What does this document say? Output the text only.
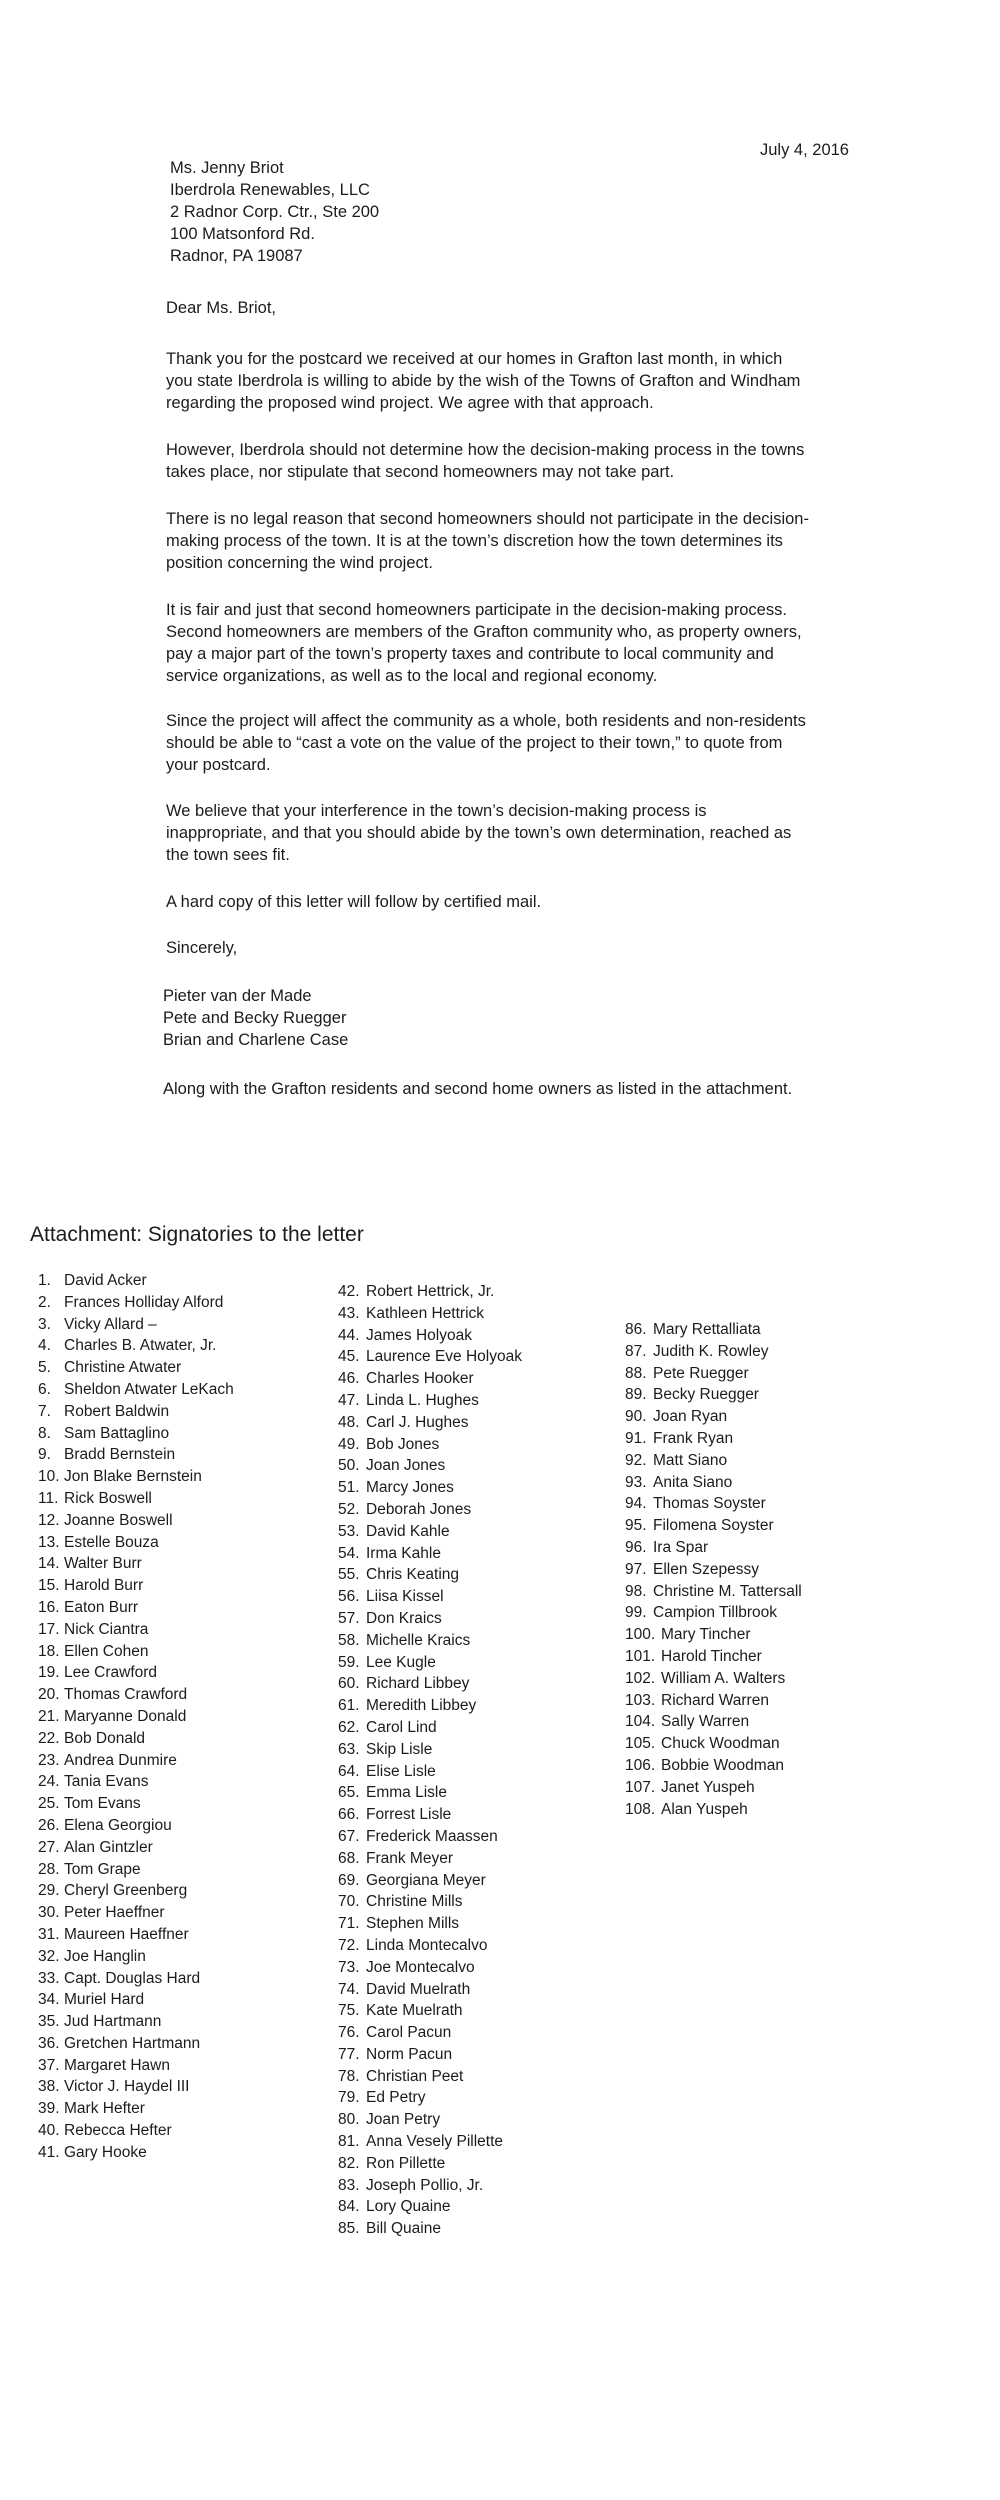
July 4, 2016
Ms. Jenny Briot
Iberdrola Renewables, LLC
2 Radnor Corp. Ctr., Ste 200
100 Matsonford Rd.
Radnor, PA 19087
Dear Ms. Briot,

Thank you for the postcard we received at our homes in Grafton last month, in which
you state Iberdrola is willing to abide by the wish of the Towns of Grafton and Windham
regarding the proposed wind project. We agree with that approach.

However, Iberdrola should not determine how the decision-making process in the towns
takes place, nor stipulate that second homeowners may not take part.

There is no legal reason that second homeowners should not participate in the decision-
making process of the town. It is at the town’s discretion how the town determines its
position concerning the wind project.

It is fair and just that second homeowners participate in the decision-making process.
Second homeowners are members of the Grafton community who, as property owners,
pay a major part of the town’s property taxes and contribute to local community and
service organizations, as well as to the local and regional economy.

Since the project will affect the community as a whole, both residents and non-residents
should be able to “cast a vote on the value of the project to their town,” to quote from
your postcard.

We believe that your interference in the town’s decision-making process is
inappropriate, and that you should abide by the town’s own determination, reached as
the town sees fit.

A hard copy of this letter will follow by certified mail.

Sincerely,

Pieter van der Made
Pete and Becky Ruegger
Brian and Charlene Case
Along with the Grafton residents and second home owners as listed in the attachment.
Attachment: Signatories to the letter
1. David Acker
2. Frances Holliday Alford
3. Vicky Allard –
4. Charles B. Atwater, Jr.
5. Christine Atwater
6. Sheldon Atwater LeKach
7. Robert Baldwin
8. Sam Battaglino
9. Bradd Bernstein
10. Jon Blake Bernstein
11. Rick Boswell
12. Joanne Boswell
13. Estelle Bouza
14. Walter Burr
15. Harold Burr
16. Eaton Burr
17. Nick Ciantra
18. Ellen Cohen
19. Lee Crawford
20. Thomas Crawford
21. Maryanne Donald
22. Bob Donald
23. Andrea Dunmire
24. Tania Evans
25. Tom Evans
26. Elena Georgiou
27. Alan Gintzler
28. Tom Grape
29. Cheryl Greenberg
30. Peter Haeffner
31. Maureen Haeffner
32. Joe Hanglin
33. Capt. Douglas Hard
34. Muriel Hard
35. Jud Hartmann
36. Gretchen Hartmann
37. Margaret Hawn
38. Victor J. Haydel III
39. Mark Hefter
40. Rebecca Hefter
41. Gary Hooke
42. Robert Hettrick, Jr.
43. Kathleen Hettrick
44. James Holyoak
45. Laurence Eve Holyoak
46. Charles Hooker
47. Linda L. Hughes
48. Carl J. Hughes
49. Bob Jones
50. Joan Jones
51. Marcy Jones
52. Deborah Jones
53. David Kahle
54. Irma Kahle
55. Chris Keating
56. Liisa Kissel
57. Don Kraics
58. Michelle Kraics
59. Lee Kugle
60. Richard Libbey
61. Meredith Libbey
62. Carol Lind
63. Skip Lisle
64. Elise Lisle
65. Emma Lisle
66. Forrest Lisle
67. Frederick Maassen
68. Frank Meyer
69. Georgiana Meyer
70. Christine Mills
71. Stephen Mills
72. Linda Montecalvo
73. Joe Montecalvo
74. David Muelrath
75. Kate Muelrath
76. Carol Pacun
77. Norm Pacun
78. Christian Peet
79. Ed Petry
80. Joan Petry
81. Anna Vesely Pillette
82. Ron Pillette
83. Joseph Pollio, Jr.
84. Lory Quaine
85. Bill Quaine
86. Mary Rettalliata
87. Judith K. Rowley
88. Pete Ruegger
89. Becky Ruegger
90. Joan Ryan
91. Frank Ryan
92. Matt Siano
93. Anita Siano
94. Thomas Soyster
95. Filomena Soyster
96. Ira Spar
97. Ellen Szepessy
98. Christine M. Tattersall
99. Campion Tillbrook
100. Mary Tincher
101. Harold Tincher
102. William A. Walters
103. Richard Warren
104. Sally Warren
105. Chuck Woodman
106. Bobbie Woodman
107. Janet Yuspeh
108. Alan Yuspeh
